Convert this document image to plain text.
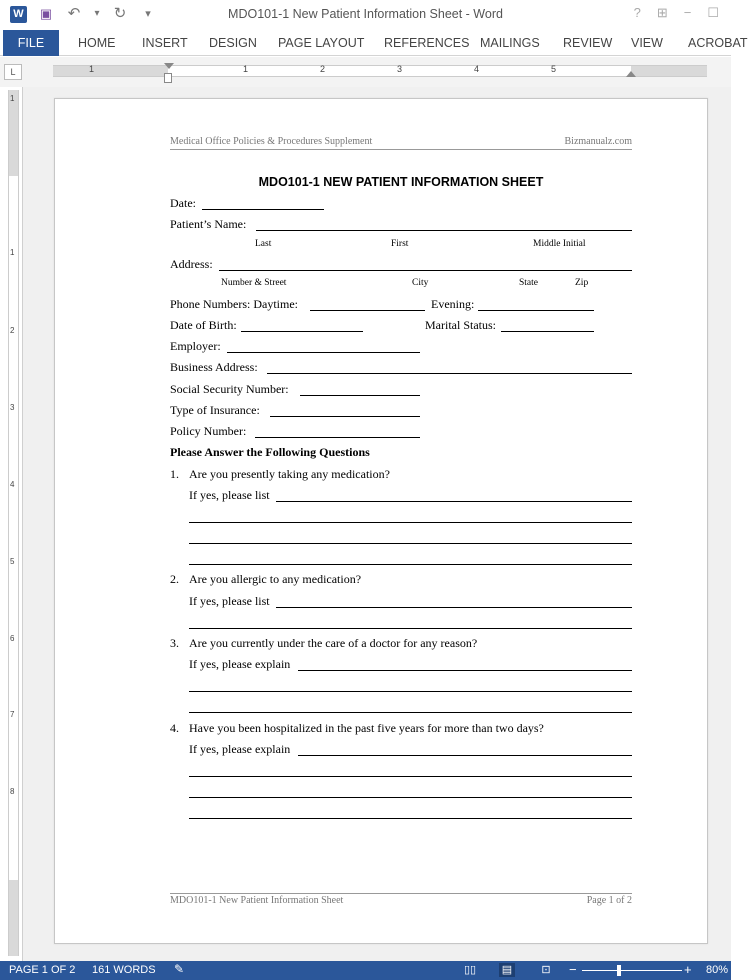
W ▣ ↶ ▾ ↻	▾	MDO101-1 New Patient Information Sheet - Word	? ⊞ − ☐
FILE	HOME INSERT DESIGN PAGE LAYOUT REFERENCES MAILINGS REVIEW VIEW ACROBAT
L	1	1	2	3	4	5
1
1
2
3
4
5
6
7
8
Medical Office Policies & Procedures Supplement	Bizmanualz.com
MDO101-1 NEW PATIENT INFORMATION SHEET
Date:
Patient’s Name:
Last	First	Middle Initial
Address:
Number & Street	City	State	Zip
Phone Numbers: Daytime:	Evening:
Date of Birth:	Marital Status:
Employer:
Business Address:
Social Security Number:
Type of Insurance:
Policy Number:
Please Answer the Following Questions
1. Are you presently taking any medication?
If yes, please list
2. Are you allergic to any medication?
If yes, please list
3. Are you currently under the care of a doctor for any reason?
If yes, please explain
4. Have you been hospitalized in the past five years for more than two days?
If yes, please explain
MDO101-1 New Patient Information Sheet	Page 1 of 2
PAGE 1 OF 2 161 WORDS ✎	▯▯ ▤	⊡ −	+ 80%
